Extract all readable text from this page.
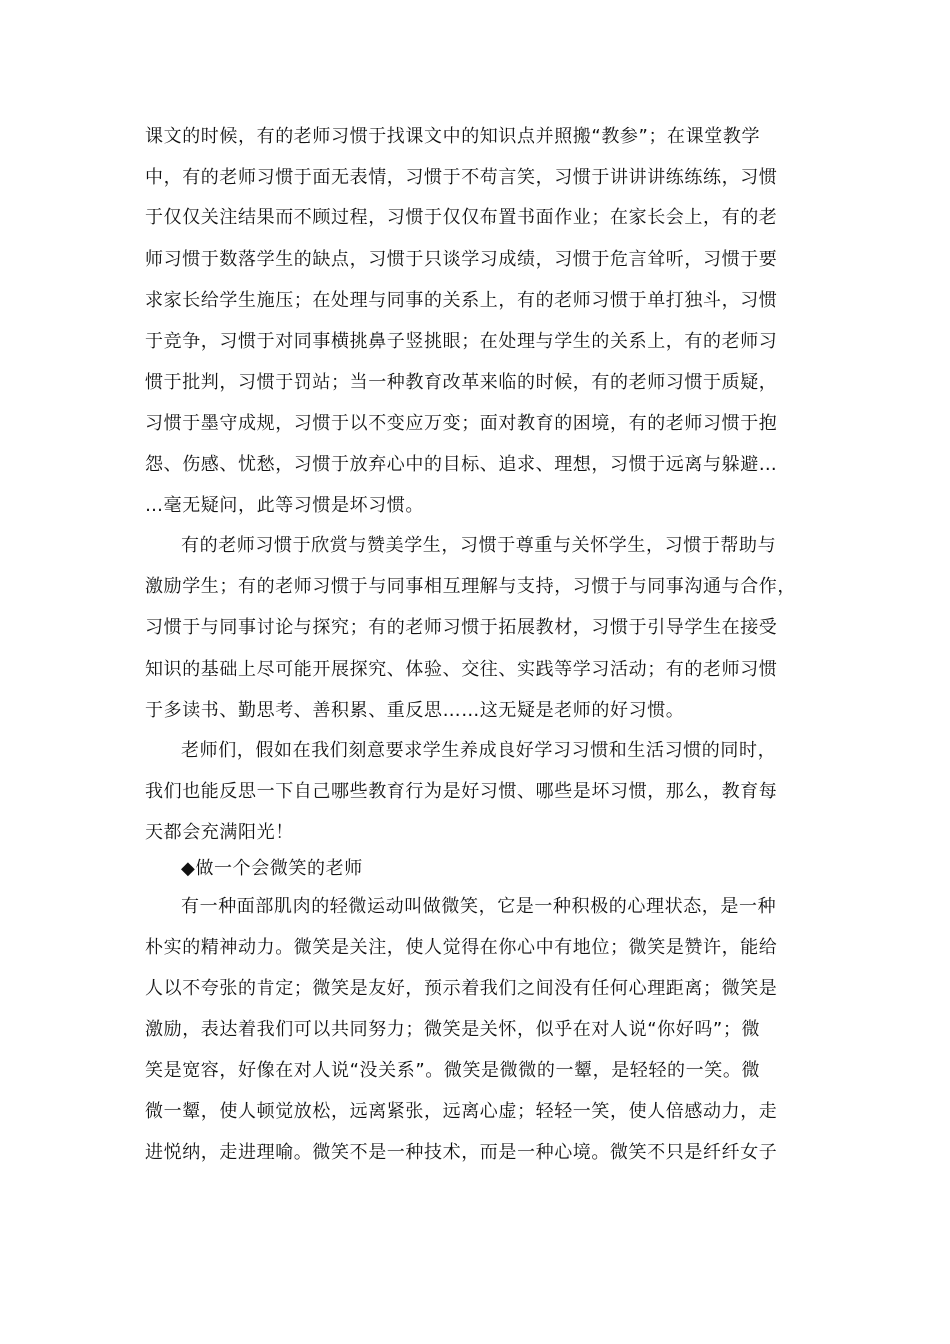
课文的时候，有的老师习惯于找课文中的知识点并照搬“教参”；在课堂教学
中，有的老师习惯于面无表情，习惯于不苟言笑，习惯于讲讲讲练练练，习惯
于仅仅关注结果而不顾过程，习惯于仅仅布置书面作业；在家长会上，有的老
师习惯于数落学生的缺点，习惯于只谈学习成绩，习惯于危言耸听，习惯于要
求家长给学生施压；在处理与同事的关系上，有的老师习惯于单打独斗，习惯
于竞争，习惯于对同事横挑鼻子竖挑眼；在处理与学生的关系上，有的老师习
惯于批判，习惯于罚站；当一种教育改革来临的时候，有的老师习惯于质疑，
习惯于墨守成规，习惯于以不变应万变；面对教育的困境，有的老师习惯于抱
怨、伤感、忧愁，习惯于放弃心中的目标、追求、理想，习惯于远离与躲避…
…毫无疑问，此等习惯是坏习惯。
有的老师习惯于欣赏与赞美学生，习惯于尊重与关怀学生，习惯于帮助与
激励学生；有的老师习惯于与同事相互理解与支持，习惯于与同事沟通与合作，
习惯于与同事讨论与探究；有的老师习惯于拓展教材，习惯于引导学生在接受
知识的基础上尽可能开展探究、体验、交往、实践等学习活动；有的老师习惯
于多读书、勤思考、善积累、重反思……这无疑是老师的好习惯。
老师们，假如在我们刻意要求学生养成良好学习习惯和生活习惯的同时，
我们也能反思一下自己哪些教育行为是好习惯、哪些是坏习惯，那么，教育每
天都会充满阳光！
◆做一个会微笑的老师
有一种面部肌肉的轻微运动叫做微笑，它是一种积极的心理状态，是一种
朴实的精神动力。微笑是关注，使人觉得在你心中有地位；微笑是赞许，能给
人以不夸张的肯定；微笑是友好，预示着我们之间没有任何心理距离；微笑是
激励，表达着我们可以共同努力；微笑是关怀，似乎在对人说“你好吗”；微
笑是宽容，好像在对人说“没关系”。微笑是微微的一颦，是轻轻的一笑。微
微一颦，使人顿觉放松，远离紧张，远离心虚；轻轻一笑，使人倍感动力，走
进悦纳，走进理喻。微笑不是一种技术，而是一种心境。微笑不只是纤纤女子
